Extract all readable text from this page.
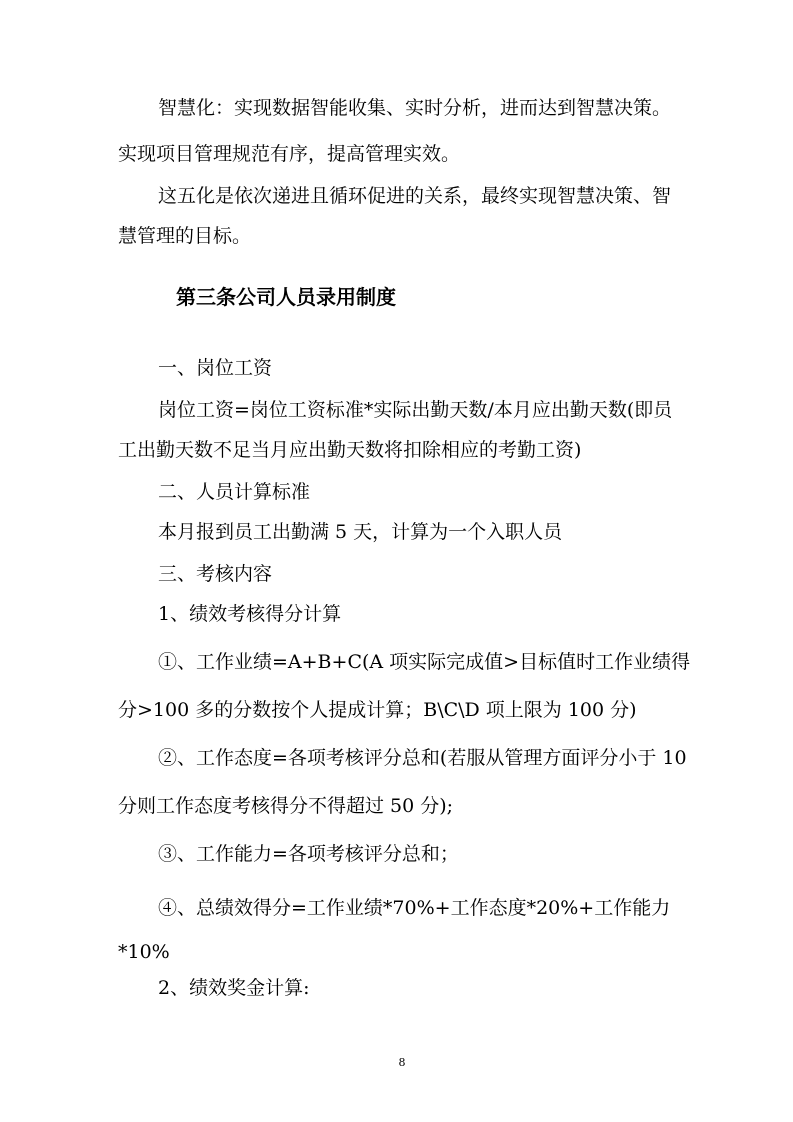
智慧化：实现数据智能收集、实时分析，进而达到智慧决策。

实现项目管理规范有序，提高管理实效。

这五化是依次递进且循环促进的关系，最终实现智慧决策、智

慧管理的目标。

第三条公司人员录用制度

一、岗位工资

岗位工资=岗位工资标准*实际出勤天数/本月应出勤天数(即员

工出勤天数不足当月应出勤天数将扣除相应的考勤工资)

二、人员计算标准

本月报到员工出勤满 5 天，计算为一个入职人员

三、考核内容

1、绩效考核得分计算

①、工作业绩=A+B+C(A 项实际完成值>目标值时工作业绩得

分>100 多的分数按个人提成计算；B\C\D 项上限为 100 分)

②、工作态度=各项考核评分总和(若服从管理方面评分小于 10

分则工作态度考核得分不得超过 50 分);

③、工作能力=各项考核评分总和；

④、总绩效得分=工作业绩*70%+工作态度*20%+工作能力

*10%

2、绩效奖金计算:

8
